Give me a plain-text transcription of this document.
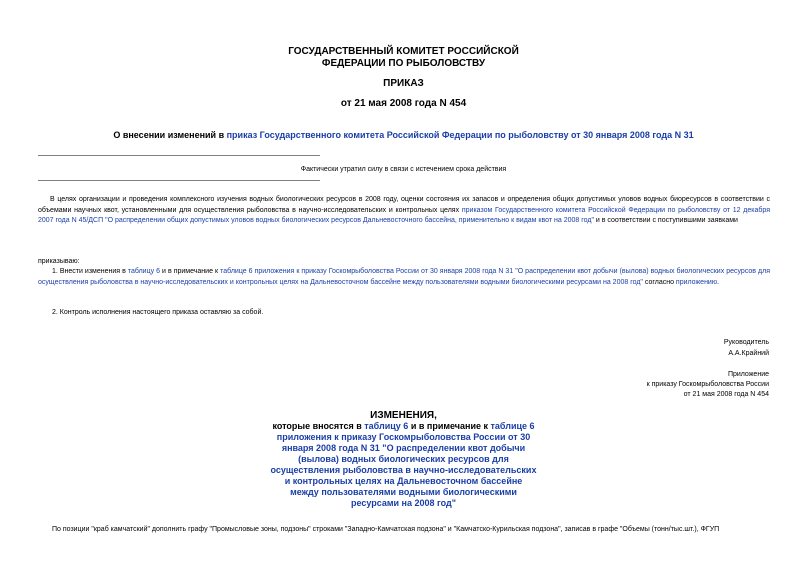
ГОСУДАРСТВЕННЫЙ КОМИТЕТ РОССИЙСКОЙ
ФЕДЕРАЦИИ ПО РЫБОЛОВСТВУ
ПРИКАЗ
от 21 мая 2008 года N 454
О внесении изменений в приказ Государственного комитета Российской Федерации по рыболовству от 30 января 2008 года N 31
Фактически утратил силу в связи с истечением срока действия
В целях организации и проведения комплексного изучения водных биологических ресурсов в 2008 году, оценки состояния их запасов и определения общих допустимых уловов водных биоресурсов в соответствии с объемами научных квот, установленными для осуществления рыболовства в научно-исследовательских и контрольных целях приказом Государственного комитета Российской Федерации по рыболовству от 12 декабря 2007 года N 45/ДСП "О распределении общих допустимых уловов водных биологических ресурсов Дальневосточного бассейна, применительно к видам квот на 2008 год" и в соответствии с поступившими заявками
приказываю:
1. Внести изменения в таблицу 6 и в примечание к таблице 6 приложения к приказу Госкомрыболовства России от 30 января 2008 года N 31 "О распределении квот добычи (вылова) водных биологических ресурсов для осуществления рыболовства в научно-исследовательских и контрольных целях на Дальневосточном бассейне между пользователями водными биологическими ресурсами на 2008 год" согласно приложению.
2. Контроль исполнения настоящего приказа оставляю за собой.
Руководитель
А.А.Крайний
Приложение
к приказу Госкомрыболовства России
от 21 мая 2008 года N 454
ИЗМЕНЕНИЯ,
которые вносятся в таблицу 6 и в примечание к таблице 6 приложения к приказу Госкомрыболовства России от 30 января 2008 года N 31 "О распределении квот добычи (вылова) водных биологических ресурсов для осуществления рыболовства в научно-исследовательских и контрольных целях на Дальневосточном бассейне между пользователями водными биологическими ресурсами на 2008 год"
По позиции "краб камчатский" дополнить графу "Промысловые зоны, подзоны" строками "Западно-Камчатская подзона" и "Камчатско-Курильская подзона", записав в графе "Объемы (тонн/тыс.шт.), ФГУП
